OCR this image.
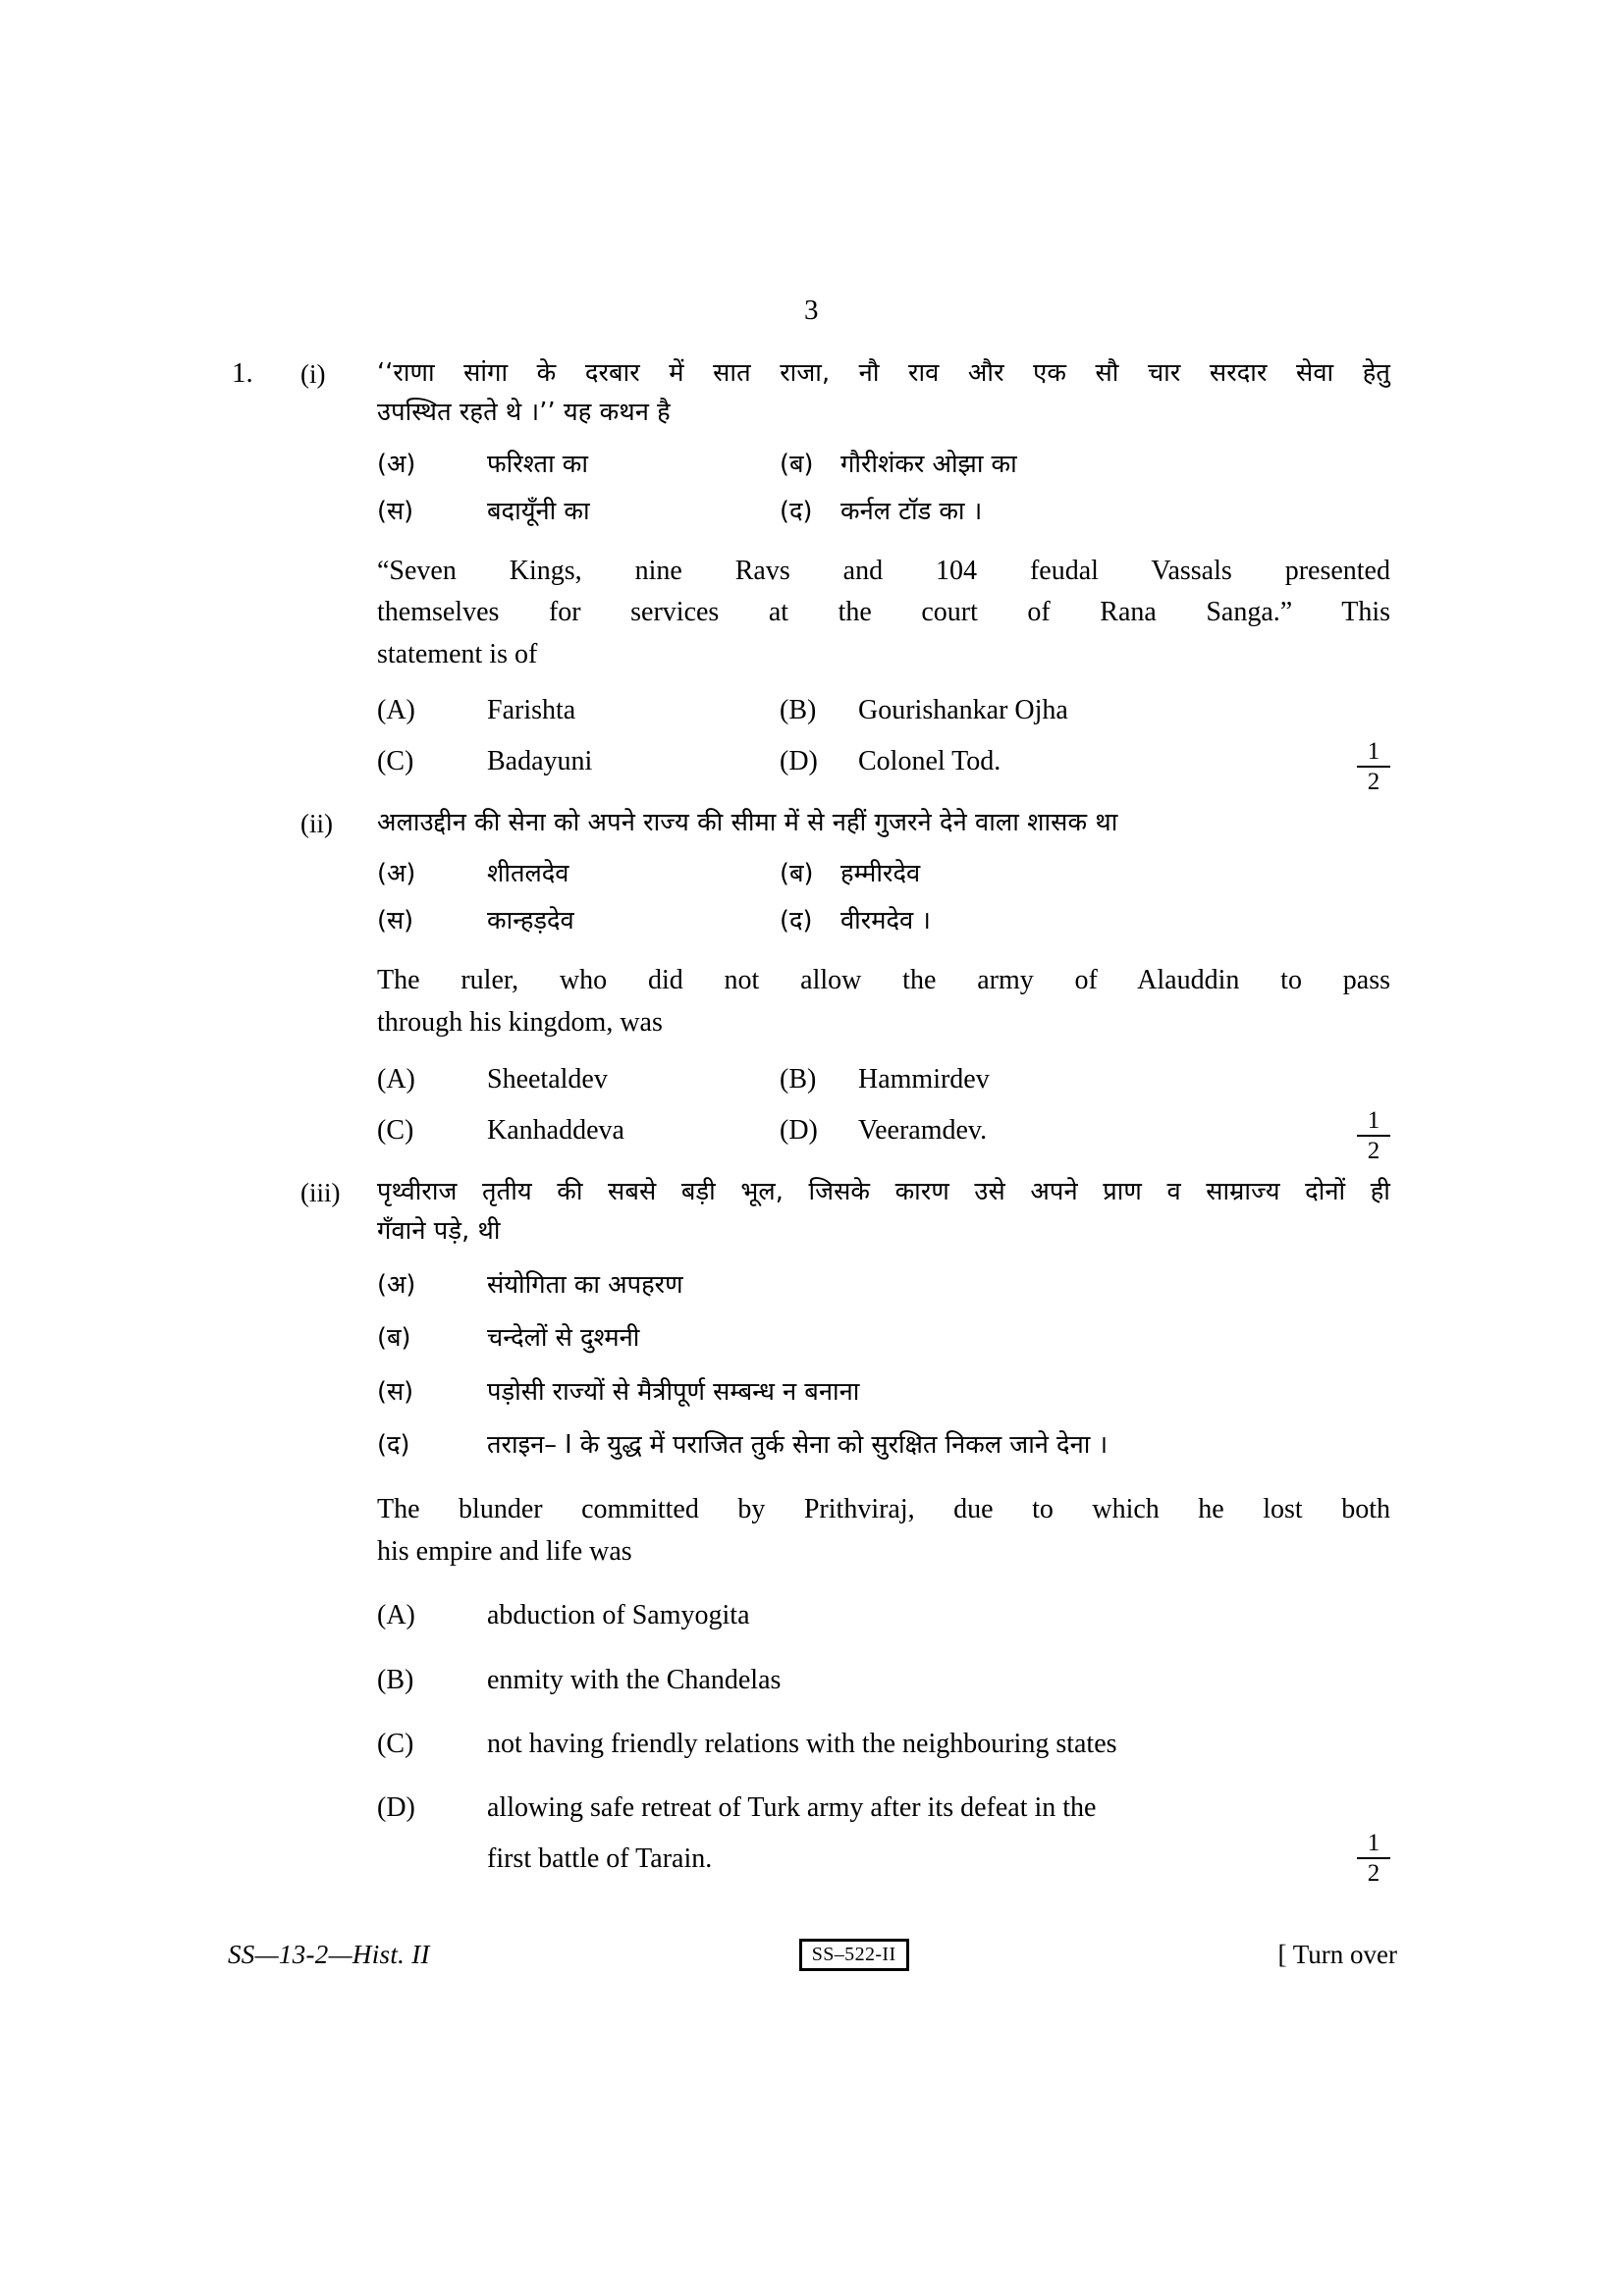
3
1.	(i)	‘‘राणा सांगा के दरबार में सात राजा, नौ राव और एक सौ चार सरदार सेवा हेतु
उपस्थित रहते थे ।’’ यह कथन है
(अ)	फरिश्ता का	(ब)	गौरीशंकर ओझा का
(स)	बदायूँनी का	(द)	कर्नल टॉड का ।
“Seven Kings, nine Ravs and 104 feudal Vassals presented
themselves for services at the court of Rana Sanga.” This
statement is of
(A)	Farishta	(B)	Gourishankar Ojha
(C)	Badayuni	(D)	Colonel Tod.	$\frac{1}{2}$
(ii)	अलाउद्दीन की सेना को अपने राज्य की सीमा में से नहीं गुजरने देने वाला शासक था
(अ)	शीतलदेव	(ब)	हम्मीरदेव
(स)	कान्हड़देव	(द)	वीरमदेव ।
The ruler, who did not allow the army of Alauddin to pass
through his kingdom, was
(A)	Sheetaldev	(B)	Hammirdev
(C)	Kanhaddeva	(D)	Veeramdev.	$\frac{1}{2}$
(iii)	पृथ्वीराज तृतीय की सबसे बड़ी भूल, जिसके कारण उसे अपने प्राण व साम्राज्य दोनों ही
गँवाने पड़े, थी
(अ)	संयोगिता का अपहरण
(ब)	चन्देलों से दुश्मनी
(स)	पड़ोसी राज्यों से मैत्रीपूर्ण सम्बन्ध न बनाना
(द)	तराइन– I के युद्ध में पराजित तुर्क सेना को सुरक्षित निकल जाने देना ।
The blunder committed by Prithviraj, due to which he lost both
his empire and life was
(A)	abduction of Samyogita
(B)	enmity with the Chandelas
(C)	not having friendly relations with the neighbouring states
(D)	allowing safe retreat of Turk army after its defeat in the
first battle of Tarain.	$\frac{1}{2}$
SS—13-2—Hist. II	SS–522-II	[ Turn over
